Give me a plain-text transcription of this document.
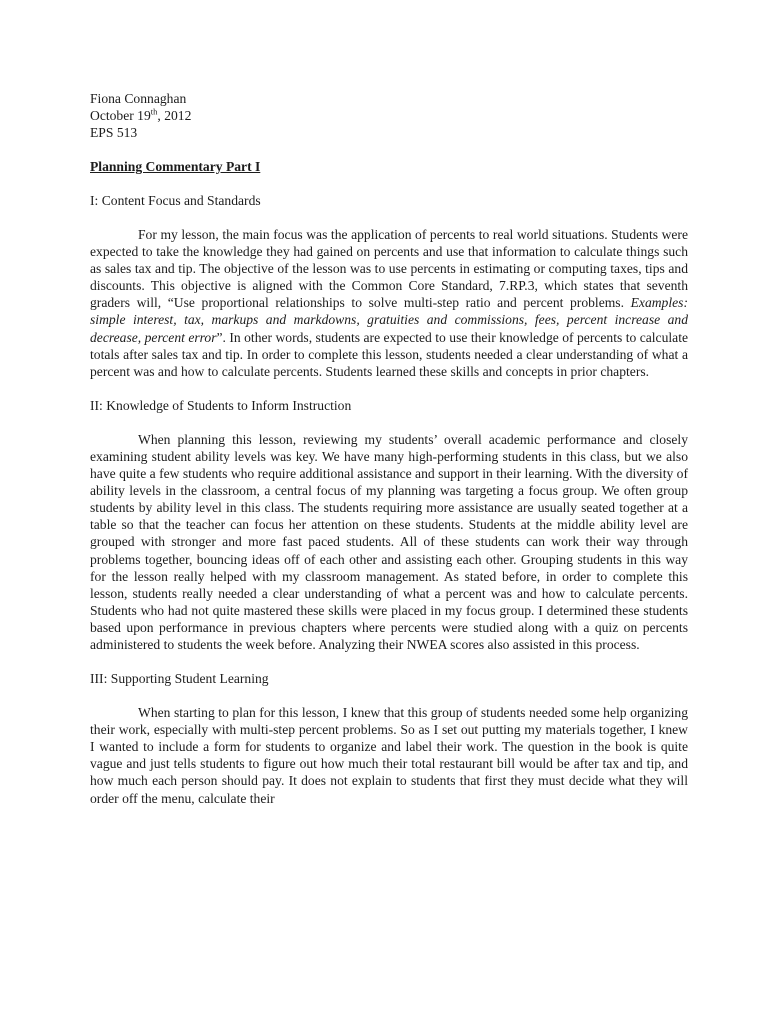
Fiona Connaghan
October 19th, 2012
EPS 513

Planning Commentary Part I

I: Content Focus and Standards

For my lesson, the main focus was the application of percents to real world situations. Students were expected to take the knowledge they had gained on percents and use that information to calculate things such as sales tax and tip. The objective of the lesson was to use percents in estimating or computing taxes, tips and discounts. This objective is aligned with the Common Core Standard, 7.RP.3, which states that seventh graders will, “Use proportional relationships to solve multi-step ratio and percent problems. Examples: simple interest, tax, markups and markdowns, gratuities and commissions, fees, percent increase and decrease, percent error”. In other words, students are expected to use their knowledge of percents to calculate totals after sales tax and tip. In order to complete this lesson, students needed a clear understanding of what a percent was and how to calculate percents. Students learned these skills and concepts in prior chapters.

II: Knowledge of Students to Inform Instruction

When planning this lesson, reviewing my students’ overall academic performance and closely examining student ability levels was key. We have many high-performing students in this class, but we also have quite a few students who require additional assistance and support in their learning. With the diversity of ability levels in the classroom, a central focus of my planning was targeting a focus group. We often group students by ability level in this class. The students requiring more assistance are usually seated together at a table so that the teacher can focus her attention on these students. Students at the middle ability level are grouped with stronger and more fast paced students. All of these students can work their way through problems together, bouncing ideas off of each other and assisting each other. Grouping students in this way for the lesson really helped with my classroom management. As stated before, in order to complete this lesson, students really needed a clear understanding of what a percent was and how to calculate percents. Students who had not quite mastered these skills were placed in my focus group. I determined these students based upon performance in previous chapters where percents were studied along with a quiz on percents administered to students the week before. Analyzing their NWEA scores also assisted in this process.

III: Supporting Student Learning

When starting to plan for this lesson, I knew that this group of students needed some help organizing their work, especially with multi-step percent problems. So as I set out putting my materials together, I knew I wanted to include a form for students to organize and label their work. The question in the book is quite vague and just tells students to figure out how much their total restaurant bill would be after tax and tip, and how much each person should pay. It does not explain to students that first they must decide what they will order off the menu, calculate their
